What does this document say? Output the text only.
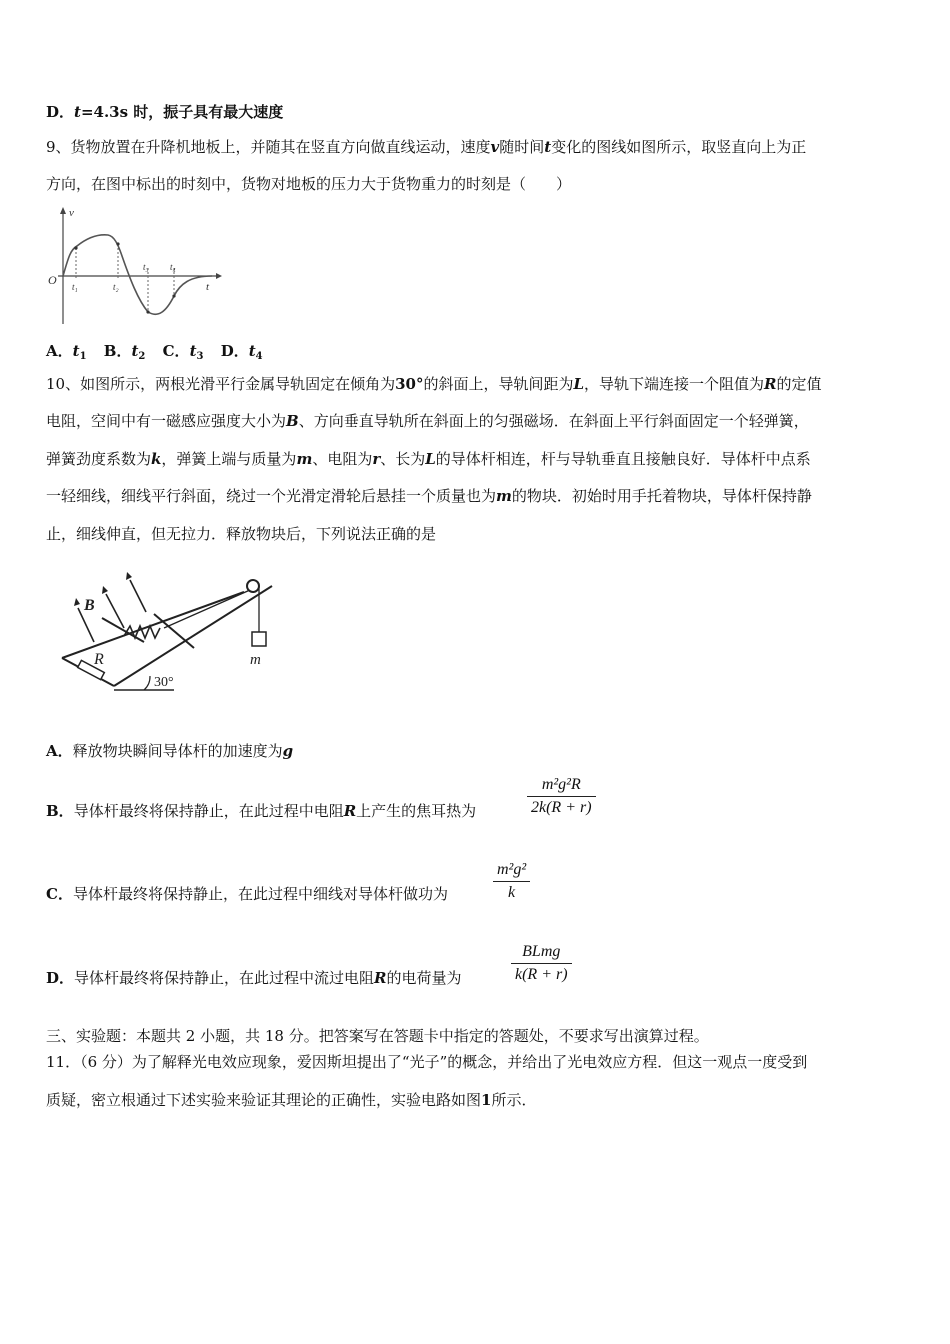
D．t=4.3s 时，振子具有最大速度
9、货物放置在升降机地板上，并随其在竖直方向做直线运动，速度v随时间t变化的图线如图所示，取竖直向上为正
方向，在图中标出的时刻中，货物对地板的压力大于货物重力的时刻是（　　）
v
t
O t₁	t₂
t₃ t₄
A．$t_1$ B．$t_2$ C．$t_3$ D．$t_4$
10、如图所示，两根光滑平行金属导轨固定在倾角为30°的斜面上，导轨间距为L，导轨下端连接一个阻值为R的定值
电阻，空间中有一磁感应强度大小为B、方向垂直导轨所在斜面上的匀强磁场．在斜面上平行斜面固定一个轻弹簧，
弹簧劲度系数为k，弹簧上端与质量为m、电阻为r、长为L的导体杆相连，杆与导轨垂直且接触良好．导体杆中点系
一轻细线，细线平行斜面，绕过一个光滑定滑轮后悬挂一个质量也为m的物块．初始时用手托着物块，导体杆保持静
止，细线伸直，但无拉力．释放物块后，下列说法正确的是
B
R	m
30°
A．释放物块瞬间导体杆的加速度为g
B．导体杆最终将保持静止，在此过程中电阻R上产生的焦耳热为	$\frac{\text{m²g²R}}{2k(R + r)}$
C．导体杆最终将保持静止，在此过程中细线对导体杆做功为	$\frac{\text{m²g²}}{k}$
D．导体杆最终将保持静止，在此过程中流过电阻R的电荷量为
BLmg
k(R + r)
三、实验题：本题共 2 小题，共 18 分。把答案写在答题卡中指定的答题处，不要求写出演算过程。
11．（6 分）为了解释光电效应现象，爱因斯坦提出了“光子”的概念，并给出了光电效应方程．但这一观点一度受到
质疑，密立根通过下述实验来验证其理论的正确性，实验电路如图1所示．
